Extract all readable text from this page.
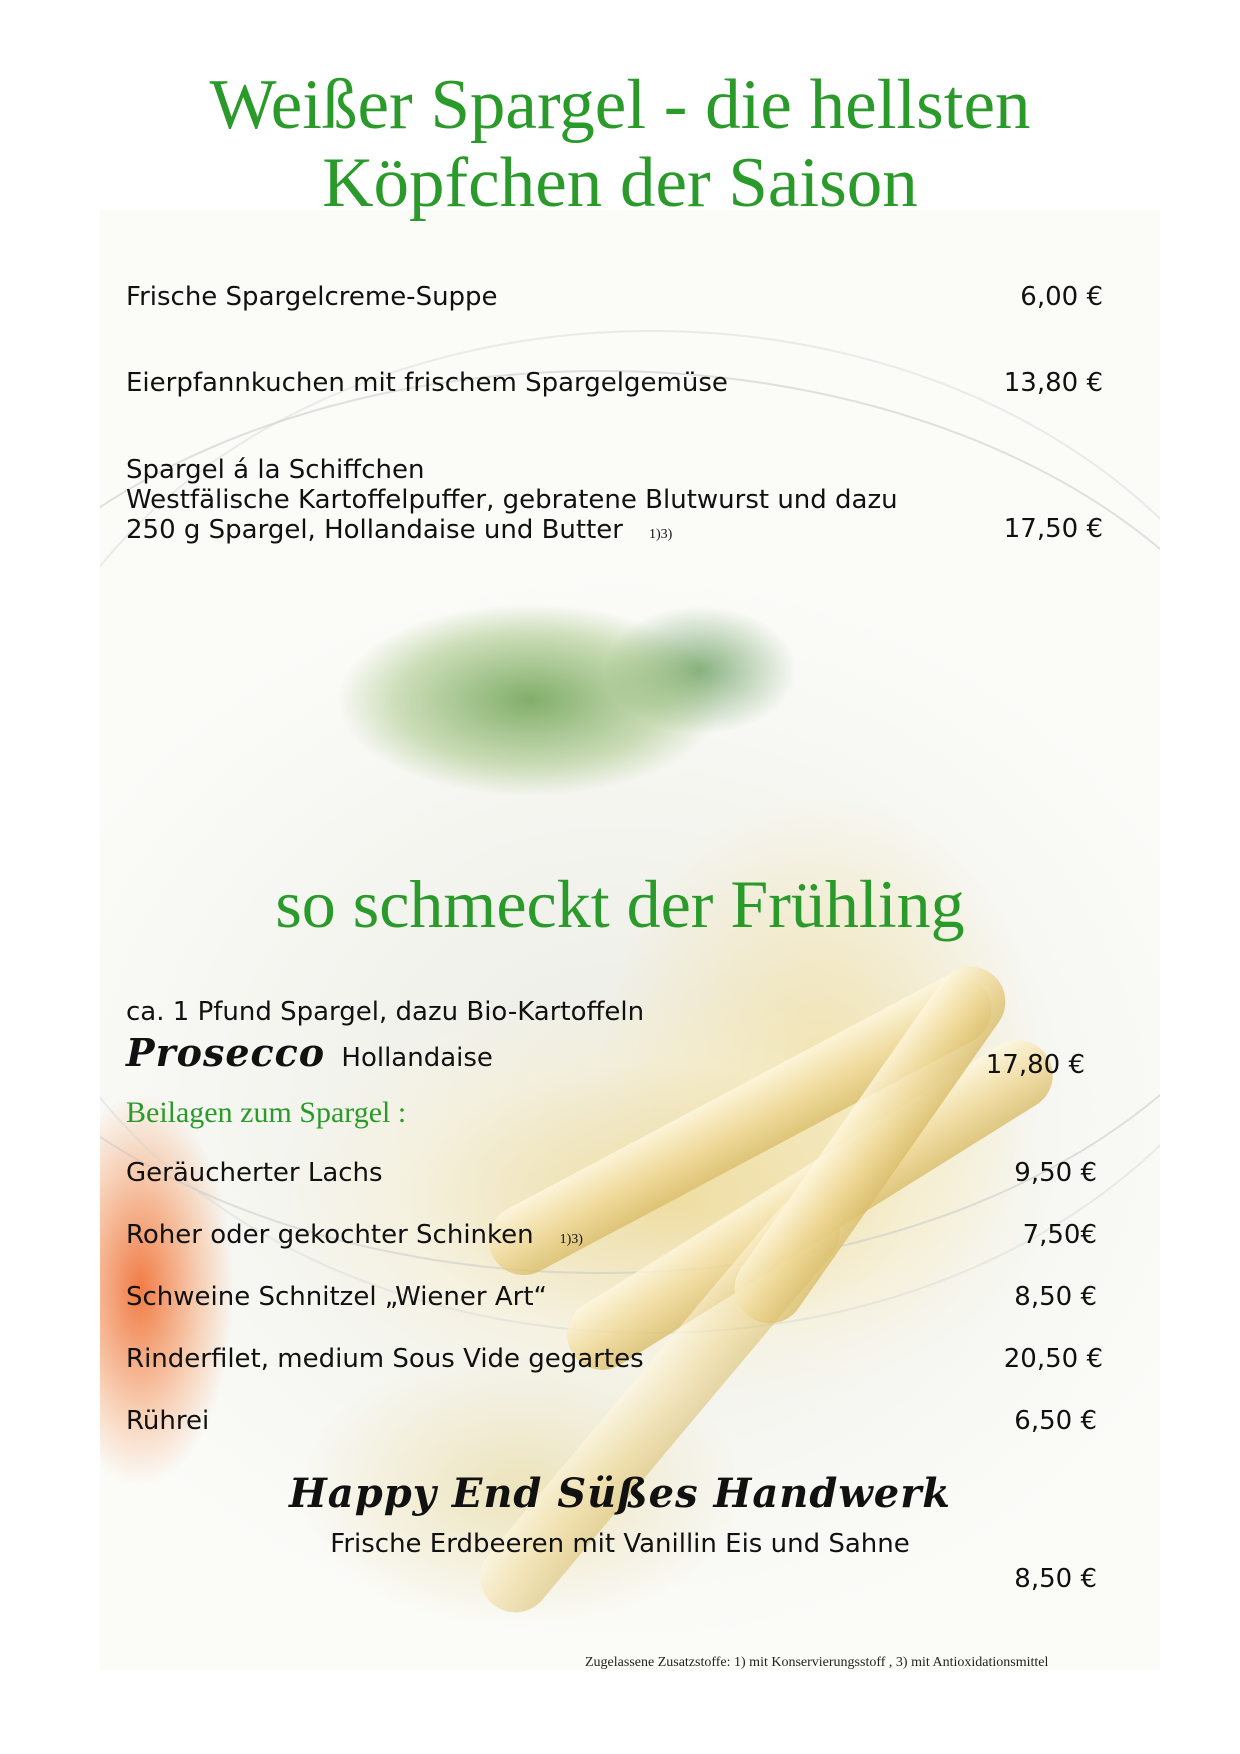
Weißer Spargel - die hellsten
Köpfchen der Saison
Frische Spargelcreme-Suppe	6,00 €
Eierpfannkuchen mit frischem Spargelgemüse	13,80 €
Spargel á la Schiffchen
Westfälische Kartoffelpuffer, gebratene Blutwurst und dazu
250 g Spargel, Hollandaise und Butter 1)3)	17,50 €
so schmeckt der Frühling
ca. 1 Pfund Spargel, dazu Bio-Kartoffeln
Prosecco Hollandaise	17,80 €
Beilagen zum Spargel :
Geräucherter Lachs	9,50 €
Roher oder gekochter Schinken 1)3)	7,50€
Schweine Schnitzel „Wiener Art“	8,50 €
Rinderfilet, medium Sous Vide gegartes	20,50 €
Rührei	6,50 €
Happy End Süßes Handwerk
Frische Erdbeeren mit Vanillin Eis und Sahne
8,50 €
Zugelassene Zusatzstoffe: 1) mit Konservierungsstoff , 3) mit Antioxidationsmittel
